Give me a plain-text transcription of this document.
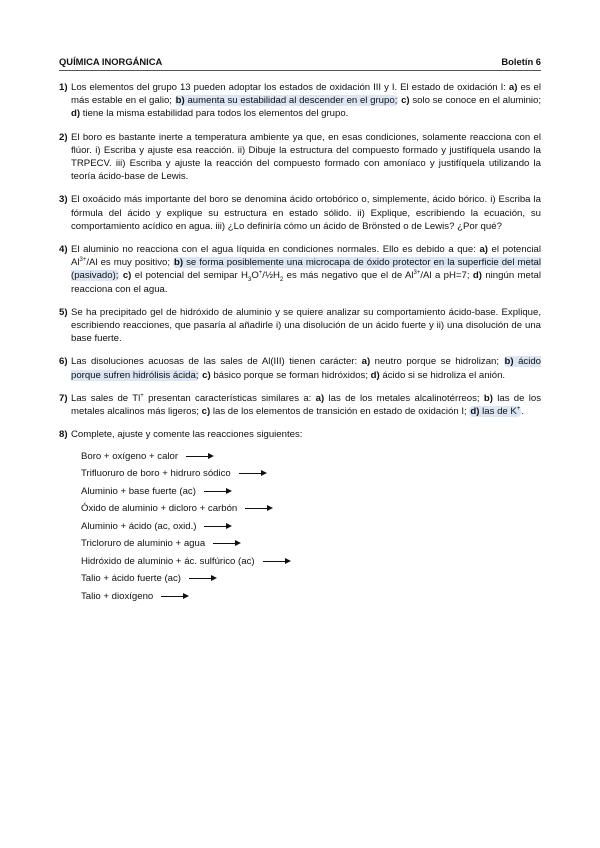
QUÍMICA INORGÁNICA	Boletín 6
1) Los elementos del grupo 13 pueden adoptar los estados de oxidación III y I. El estado de oxidación I: a) es el más estable en el galio; b) aumenta su estabilidad al descender en el grupo; c) solo se conoce en el aluminio; d) tiene la misma estabilidad para todos los elementos del grupo.
2) El boro es bastante inerte a temperatura ambiente ya que, en esas condiciones, solamente reacciona con el flúor. i) Escriba y ajuste esa reacción. ii) Dibuje la estructura del compuesto formado y justifíquela usando la TRPECV. iii) Escriba y ajuste la reacción del compuesto formado con amoníaco y justifíquela utilizando la teoría ácido-base de Lewis.
3) El oxoácido más importante del boro se denomina ácido ortobórico o, simplemente, ácido bórico. i) Escriba la fórmula del ácido y explique su estructura en estado sólido. ii) Explique, escribiendo la ecuación, su comportamiento acídico en agua. iii) ¿Lo definiría cómo un ácido de Brönsted o de Lewis? ¿Por qué?
4) El aluminio no reacciona con el agua líquida en condiciones normales. Ello es debido a que: a) el potencial $Al^{3+}/Al$ es muy positivo; b) se forma posiblemente una microcapa de óxido protector en la superficie del metal (pasivado); c) el potencial del semipar $H_3O^+/\frac{1}{2}H_2$ es más negativo que el de $Al^{3+}/Al$ a pH=7; d) ningún metal reacciona con el agua.
5) Se ha precipitado gel de hidróxido de aluminio y se quiere analizar su comportamiento ácido-base. Explique, escribiendo reacciones, que pasaría al añadirle i) una disolución de un ácido fuerte y ii) una disolución de una base fuerte.
6) Las disoluciones acuosas de las sales de Al(III) tienen carácter: a) neutro porque se hidrolizan; b) ácido porque sufren hidrólisis ácida; c) básico porque se forman hidróxidos; d) ácido si se hidroliza el anión.
7) Las sales de Tl+ presentan características similares a: a) las de los metales alcalinotérreos; b) las de los metales alcalinos más ligeros; c) las de los elementos de transición en estado de oxidación I; d) las de K+.
8) Complete, ajuste y comente las reacciones siguientes:
Boro + oxígeno + calor
Trifluoruro de boro + hidruro sódico
Aluminio + base fuerte (ac)
Óxido de aluminio + dicloro + carbón
Aluminio + ácido (ac, oxid.)
Tricloruro de aluminio + agua
Hidróxido de aluminio + ác. sulfúrico (ac)
Talio + ácido fuerte (ac)
Talio + dioxígeno
